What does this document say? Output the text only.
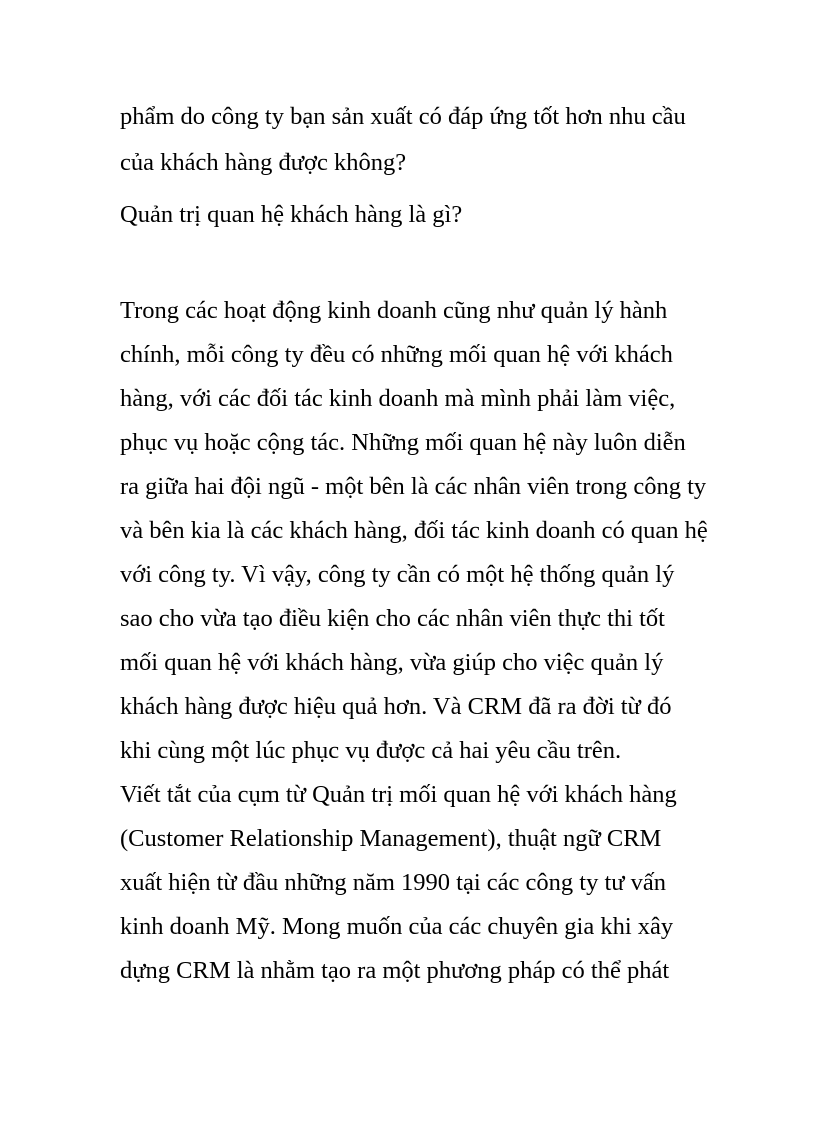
phẩm do công ty bạn sản xuất có đáp ứng tốt hơn nhu cầu

của khách hàng được không?

Quản trị quan hệ khách hàng là gì?

Trong các hoạt động kinh doanh cũng như quản lý hành

chính, mỗi công ty đều có những mối quan hệ với khách

hàng, với các đối tác kinh doanh mà mình phải làm việc,

phục vụ hoặc cộng tác. Những mối quan hệ này luôn diễn

ra giữa hai đội ngũ - một bên là các nhân viên trong công ty

và bên kia là các khách hàng, đối tác kinh doanh có quan hệ

với công ty. Vì vậy, công ty cần có một hệ thống quản lý

sao cho vừa tạo điều kiện cho các nhân viên thực thi tốt

mối quan hệ với khách hàng, vừa giúp cho việc quản lý

khách hàng được hiệu quả hơn. Và CRM đã ra đời từ đó

khi cùng một lúc phục vụ được cả hai yêu cầu trên.

Viết tắt của cụm từ Quản trị mối quan hệ với khách hàng

(Customer Relationship Management), thuật ngữ CRM

xuất hiện từ đầu những năm 1990 tại các công ty tư vấn

kinh doanh Mỹ. Mong muốn của các chuyên gia khi xây

dựng CRM là nhằm tạo ra một phương pháp có thể phát
